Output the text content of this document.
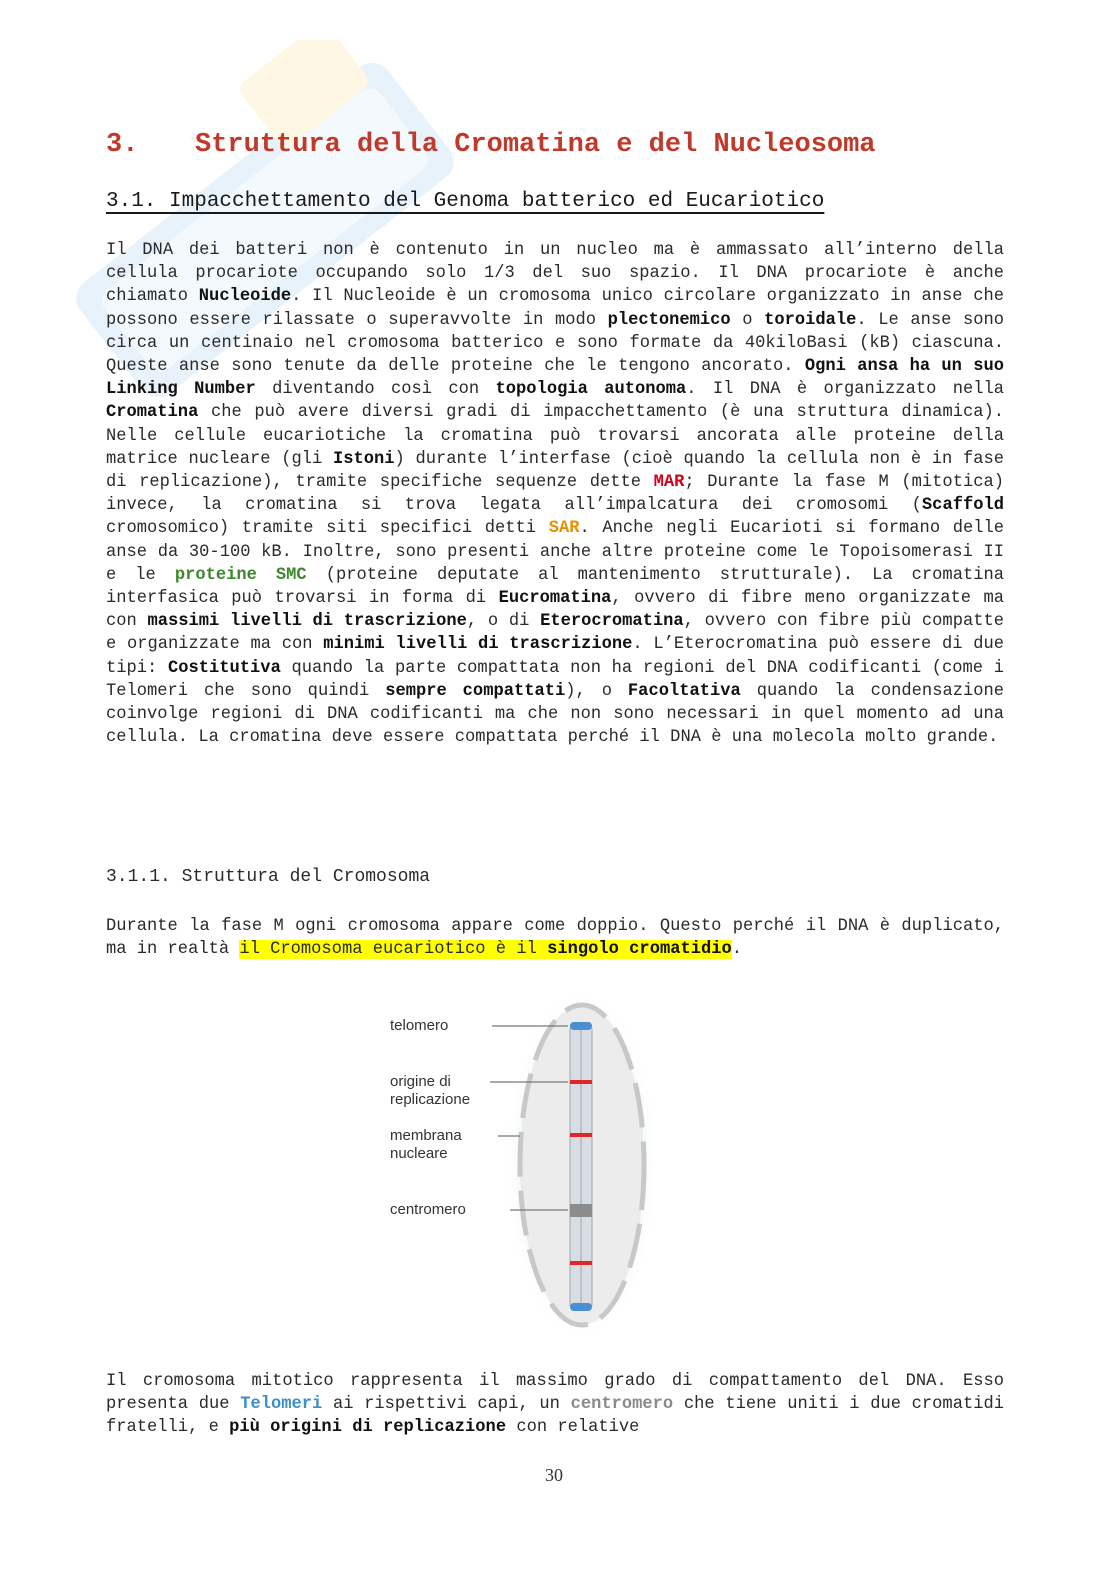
3. Struttura della Cromatina e del Nucleosoma
3.1. Impacchettamento del Genoma batterico ed Eucariotico
Il DNA dei batteri non è contenuto in un nucleo ma è ammassato all’interno della cellula procariote occupando solo 1/3 del suo spazio. Il DNA procariote è anche chiamato Nucleoide. Il Nucleoide è un cromosoma unico circolare organizzato in anse che possono essere rilassate o superavvolte in modo plectonemico o toroidale. Le anse sono circa un centinaio nel cromosoma batterico e sono formate da 40kiloBasi (kB) ciascuna. Queste anse sono tenute da delle proteine che le tengono ancorato. Ogni ansa ha un suo Linking Number diventando così con topologia autonoma. Il DNA è organizzato nella Cromatina che può avere diversi gradi di impacchettamento (è una struttura dinamica). Nelle cellule eucariotiche la cromatina può trovarsi ancorata alle proteine della matrice nucleare (gli Istoni) durante l’interfase (cioè quando la cellula non è in fase di replicazione), tramite specifiche sequenze dette MAR; Durante la fase M (mitotica) invece, la cromatina si trova legata all’impalcatura dei cromosomi (Scaffold cromosomico) tramite siti specifici detti SAR. Anche negli Eucarioti si formano delle anse da 30-100 kB. Inoltre, sono presenti anche altre proteine come le Topoisomerasi II e le proteine SMC (proteine deputate al mantenimento strutturale). La cromatina interfasica può trovarsi in forma di Eucromatina, ovvero di fibre meno organizzate ma con massimi livelli di trascrizione, o di Eterocromatina, ovvero con fibre più compatte e organizzate ma con minimi livelli di trascrizione. L’Eterocromatina può essere di due tipi: Costitutiva quando la parte compattata non ha regioni del DNA codificanti (come i Telomeri che sono quindi sempre compattati), o Facoltativa quando la condensazione coinvolge regioni di DNA codificanti ma che non sono necessari in quel momento ad una cellula. La cromatina deve essere compattata perché il DNA è una molecola molto grande.
3.1.1. Struttura del Cromosoma
Durante la fase M ogni cromosoma appare come doppio. Questo perché il DNA è duplicato, ma in realtà il Cromosoma eucariotico è il singolo cromatidio.
telomero
origine di
replicazione
membrana
nucleare
centromero
Il cromosoma mitotico rappresenta il massimo grado di compattamento del DNA. Esso presenta due Telomeri ai rispettivi capi, un centromero che tiene uniti i due cromatidi fratelli, e più origini di replicazione con relative
30
